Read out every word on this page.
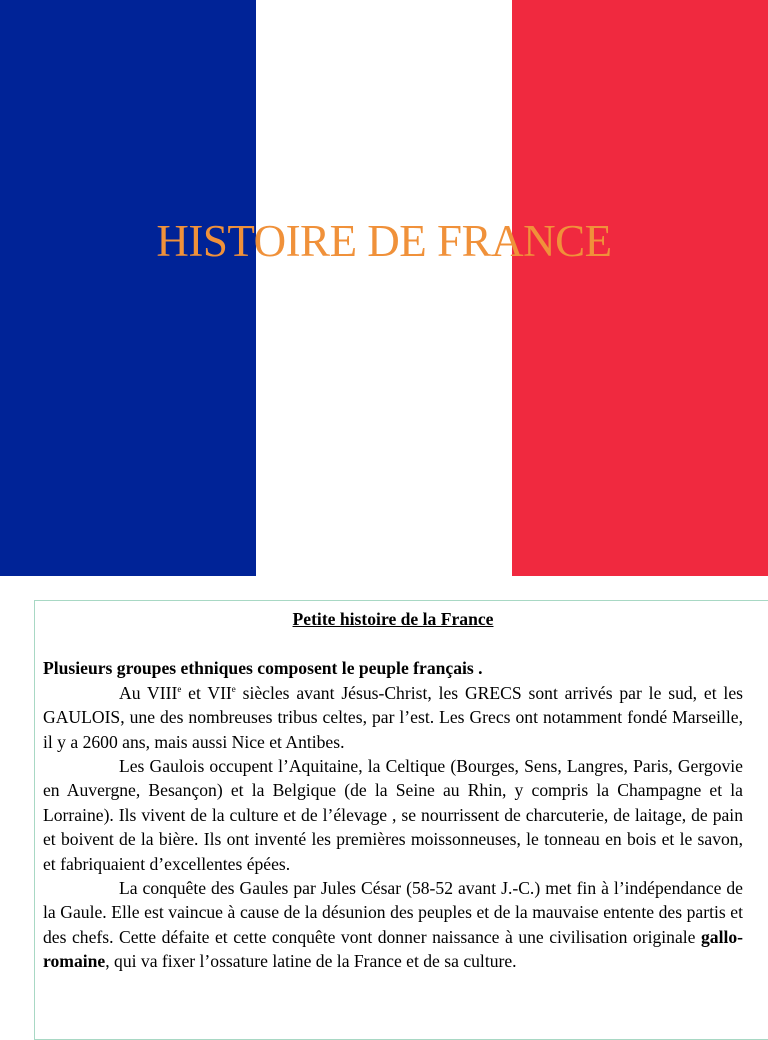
HISTOIRE DE FRANCE

Petite histoire de la France

Plusieurs groupes ethniques composent le peuple français .

Au VIIIe et VIIe siècles avant Jésus-Christ, les GRECS sont arrivés par le sud, et les GAULOIS, une des nombreuses tribus celtes, par l’est. Les Grecs ont notamment fondé Marseille, il y a 2600 ans, mais aussi Nice et Antibes.

Les Gaulois occupent l’Aquitaine, la Celtique (Bourges, Sens, Langres, Paris, Gergovie en Auvergne, Besançon) et la Belgique (de la Seine au Rhin, y compris la Champagne et la Lorraine). Ils vivent de la culture et de l’élevage , se nourrissent de charcuterie, de laitage, de pain et boivent de la bière. Ils ont inventé les premières moissonneuses, le tonneau en bois et le savon, et fabriquaient d’excellentes épées.

La conquête des Gaules par Jules César (58-52 avant J.-C.) met fin à l’indépendance de la Gaule. Elle est vaincue à cause de la désunion des peuples et de la mauvaise entente des partis et des chefs. Cette défaite et cette conquête vont donner naissance à une civilisation originale gallo-romaine, qui va fixer l’ossature latine de la France et de sa culture.
